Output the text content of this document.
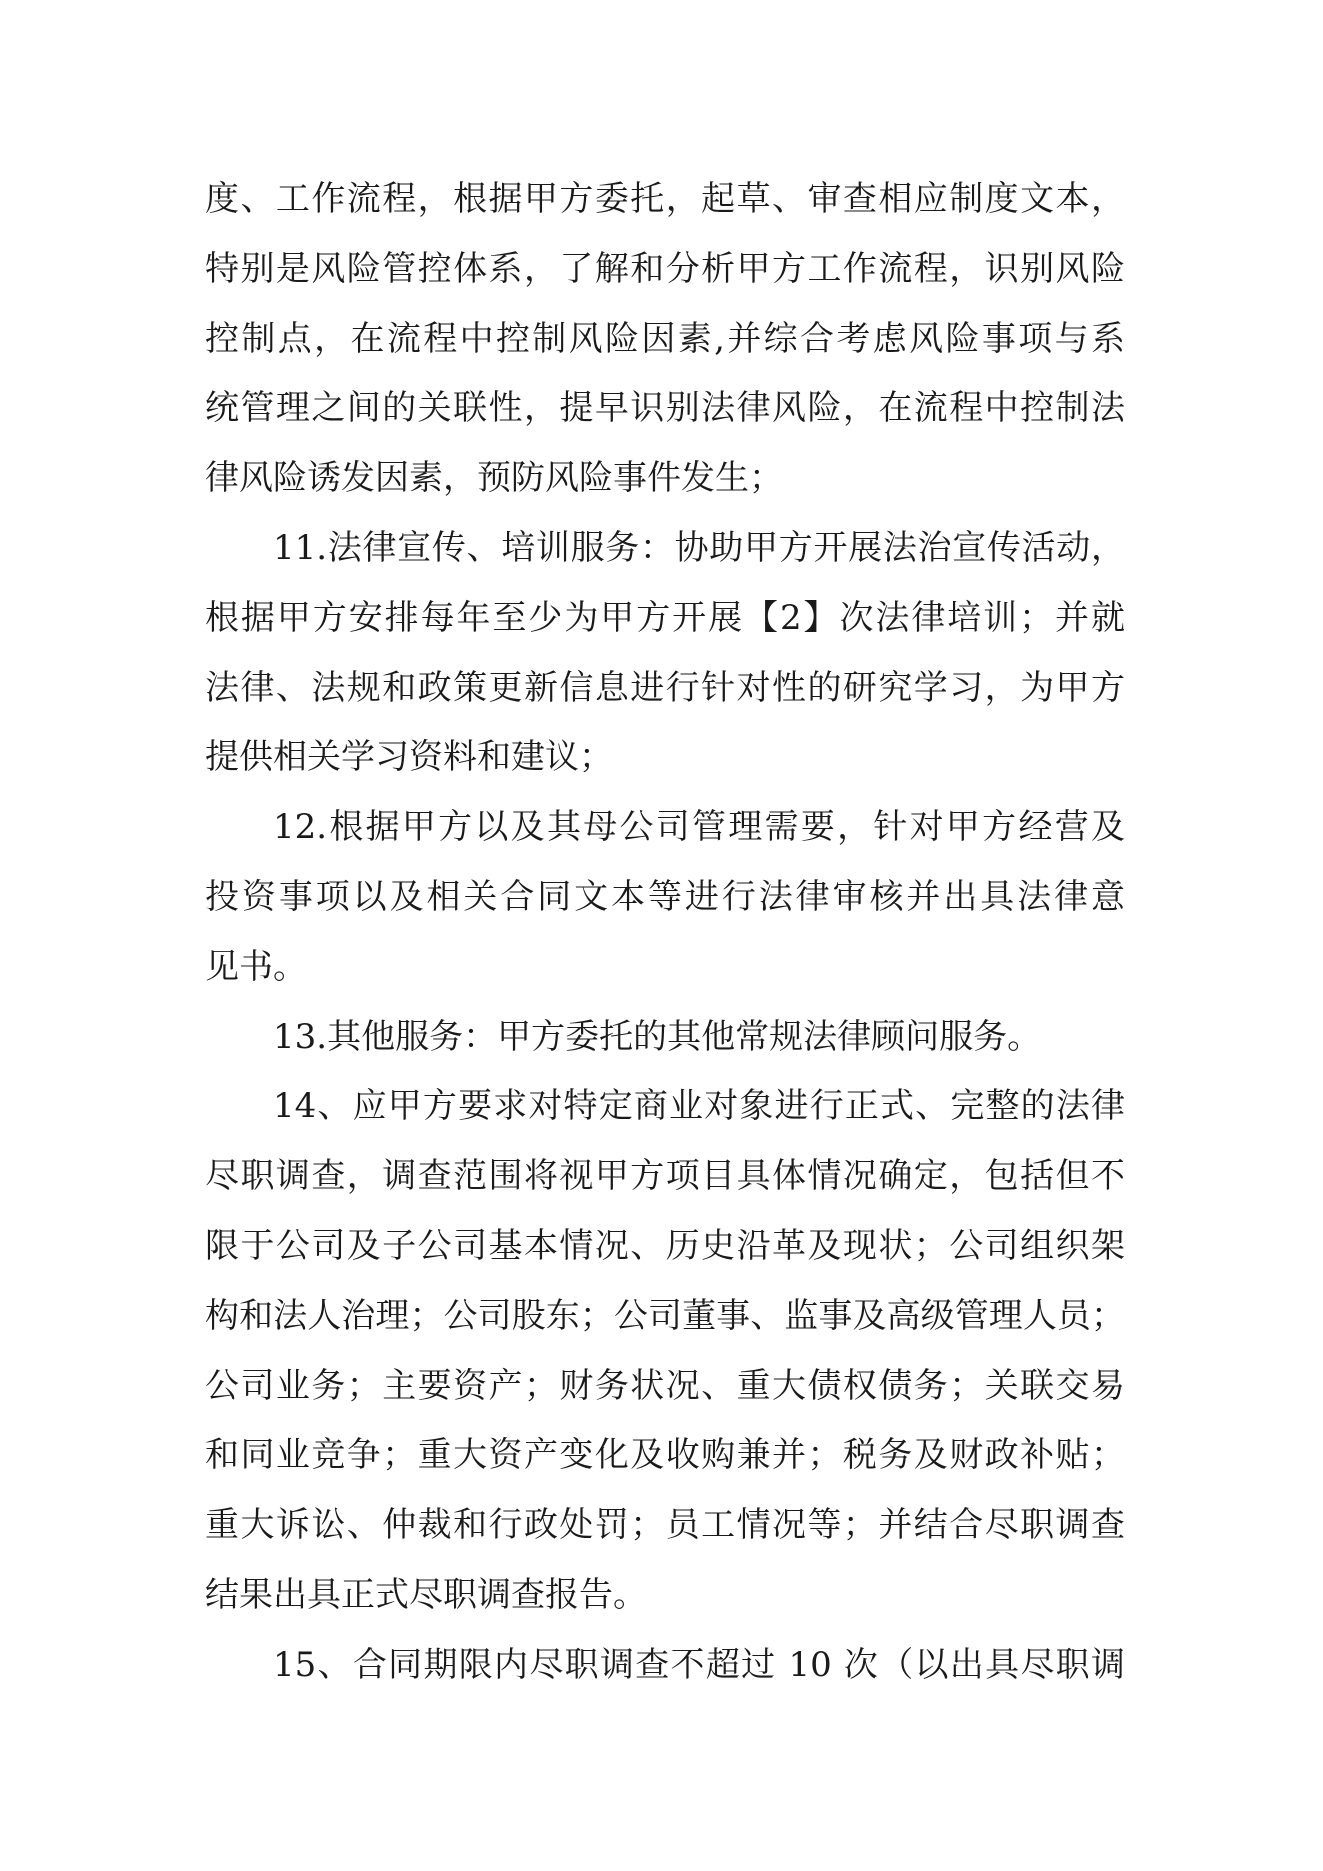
度、工作流程，根据甲方委托，起草、审查相应制度文本，
特别是风险管控体系，了解和分析甲方工作流程，识别风险
控制点，在流程中控制风险因素,并综合考虑风险事项与系
统管理之间的关联性，提早识别法律风险，在流程中控制法
律风险诱发因素，预防风险事件发生；
11.法律宣传、培训服务：协助甲方开展法治宣传活动，
根据甲方安排每年至少为甲方开展【2】次法律培训；并就
法律、法规和政策更新信息进行针对性的研究学习，为甲方
提供相关学习资料和建议；
12.根据甲方以及其母公司管理需要，针对甲方经营及
投资事项以及相关合同文本等进行法律审核并出具法律意
见书。
13.其他服务：甲方委托的其他常规法律顾问服务。
14、应甲方要求对特定商业对象进行正式、完整的法律
尽职调查，调查范围将视甲方项目具体情况确定，包括但不
限于公司及子公司基本情况、历史沿革及现状；公司组织架
构和法人治理；公司股东；公司董事、监事及高级管理人员；
公司业务；主要资产；财务状况、重大债权债务；关联交易
和同业竞争；重大资产变化及收购兼并；税务及财政补贴；
重大诉讼、仲裁和行政处罚；员工情况等；并结合尽职调查
结果出具正式尽职调查报告。
15、合同期限内尽职调查不超过 10 次（以出具尽职调
